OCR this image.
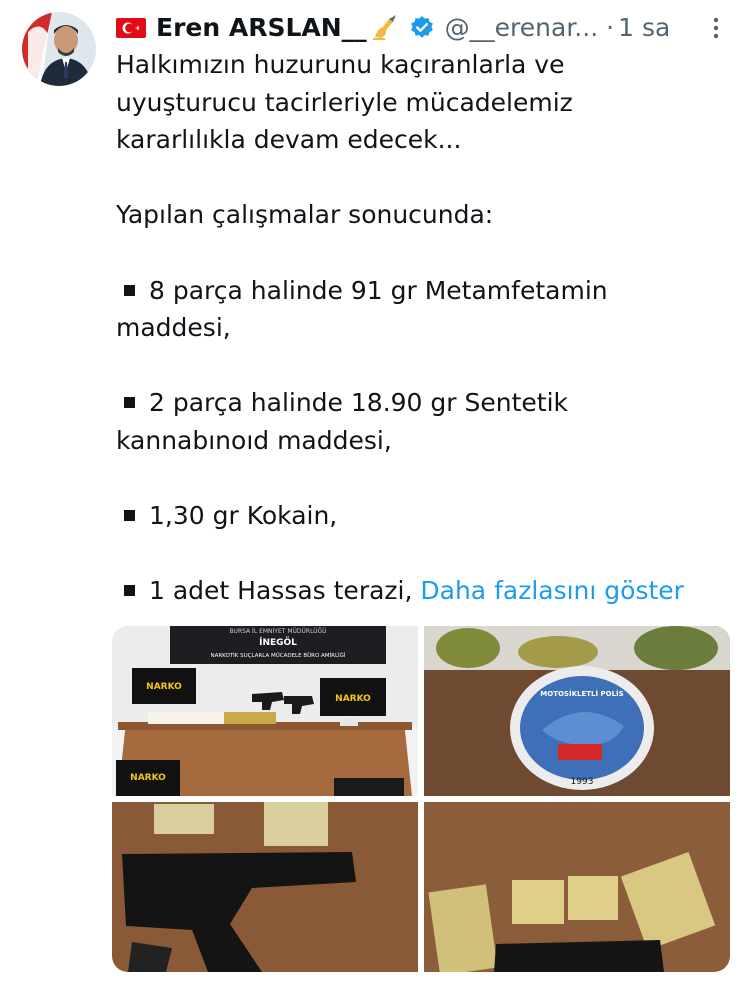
Eren ARSLAN__	@__erenar... · 1 sa
Halkımızın huzurunu kaçıranlarla ve
uyuşturucu tacirleriyle mücadelemiz
kararlılıkla devam edecek...
Yapılan çalışmalar sonucunda:
8 parça halinde 91 gr Metamfetamin
maddesi,
2 parça halinde 18.90 gr Sentetik
kannabınoıd maddesi,
1,30 gr Kokain,
1 adet Hassas terazi, Daha fazlasını göster
BURSA İL EMNİYET MÜDÜRLÜĞÜ
İNEGÖL
NARKOTİK SUÇLARLA MÜCADELE BÜRO AMİRLİĞİ
NARKO
NARKO
NARKO
MOTOSİKLETLİ POLİS
1993
